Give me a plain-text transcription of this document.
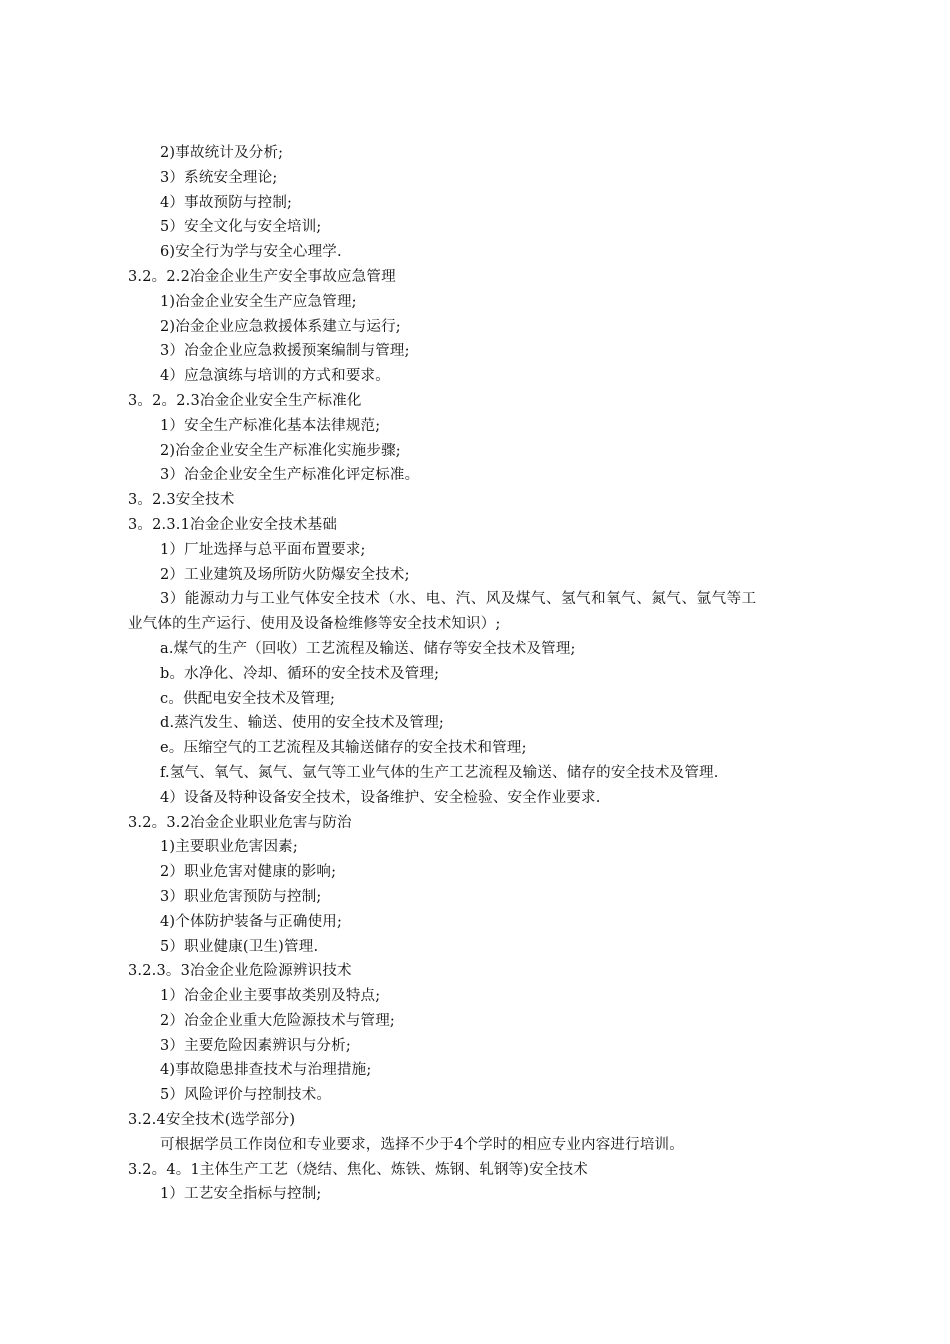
2)事故统计及分析;
3）系统安全理论;
4）事故预防与控制;
5）安全文化与安全培训;
6)安全行为学与安全心理学.
3.2。2.2冶金企业生产安全事故应急管理
1)冶金企业安全生产应急管理;
2)冶金企业应急救援体系建立与运行;
3）冶金企业应急救援预案编制与管理;
4）应急演练与培训的方式和要求。
3。2。2.3冶金企业安全生产标准化
1）安全生产标准化基本法律规范;
2)冶金企业安全生产标准化实施步骤;
3）冶金企业安全生产标准化评定标准。
3。2.3安全技术
3。2.3.1冶金企业安全技术基础
1）厂址选择与总平面布置要求;
2）工业建筑及场所防火防爆安全技术;
3）能源动力与工业气体安全技术（水、电、汽、风及煤气、氢气和氧气、氮气、氩气等工
业气体的生产运行、使用及设备检维修等安全技术知识）;
a.煤气的生产（回收）工艺流程及输送、储存等安全技术及管理;
b。水净化、冷却、循环的安全技术及管理;
c。供配电安全技术及管理;
d.蒸汽发生、输送、使用的安全技术及管理;
e。压缩空气的工艺流程及其输送储存的安全技术和管理;
f.氢气、氧气、氮气、氩气等工业气体的生产工艺流程及输送、储存的安全技术及管理.
4）设备及特种设备安全技术，设备维护、安全检验、安全作业要求.
3.2。3.2冶金企业职业危害与防治
1)主要职业危害因素;
2）职业危害对健康的影响;
3）职业危害预防与控制;
4)个体防护装备与正确使用;
5）职业健康(卫生)管理.
3.2.3。3冶金企业危险源辨识技术
1）冶金企业主要事故类别及特点;
2）冶金企业重大危险源技术与管理;
3）主要危险因素辨识与分析;
4)事故隐患排查技术与治理措施;
5）风险评价与控制技术。
3.2.4安全技术(选学部分)
可根据学员工作岗位和专业要求，选择不少于4个学时的相应专业内容进行培训。
3.2。4。1主体生产工艺（烧结、焦化、炼铁、炼钢、轧钢等)安全技术
1）工艺安全指标与控制;
